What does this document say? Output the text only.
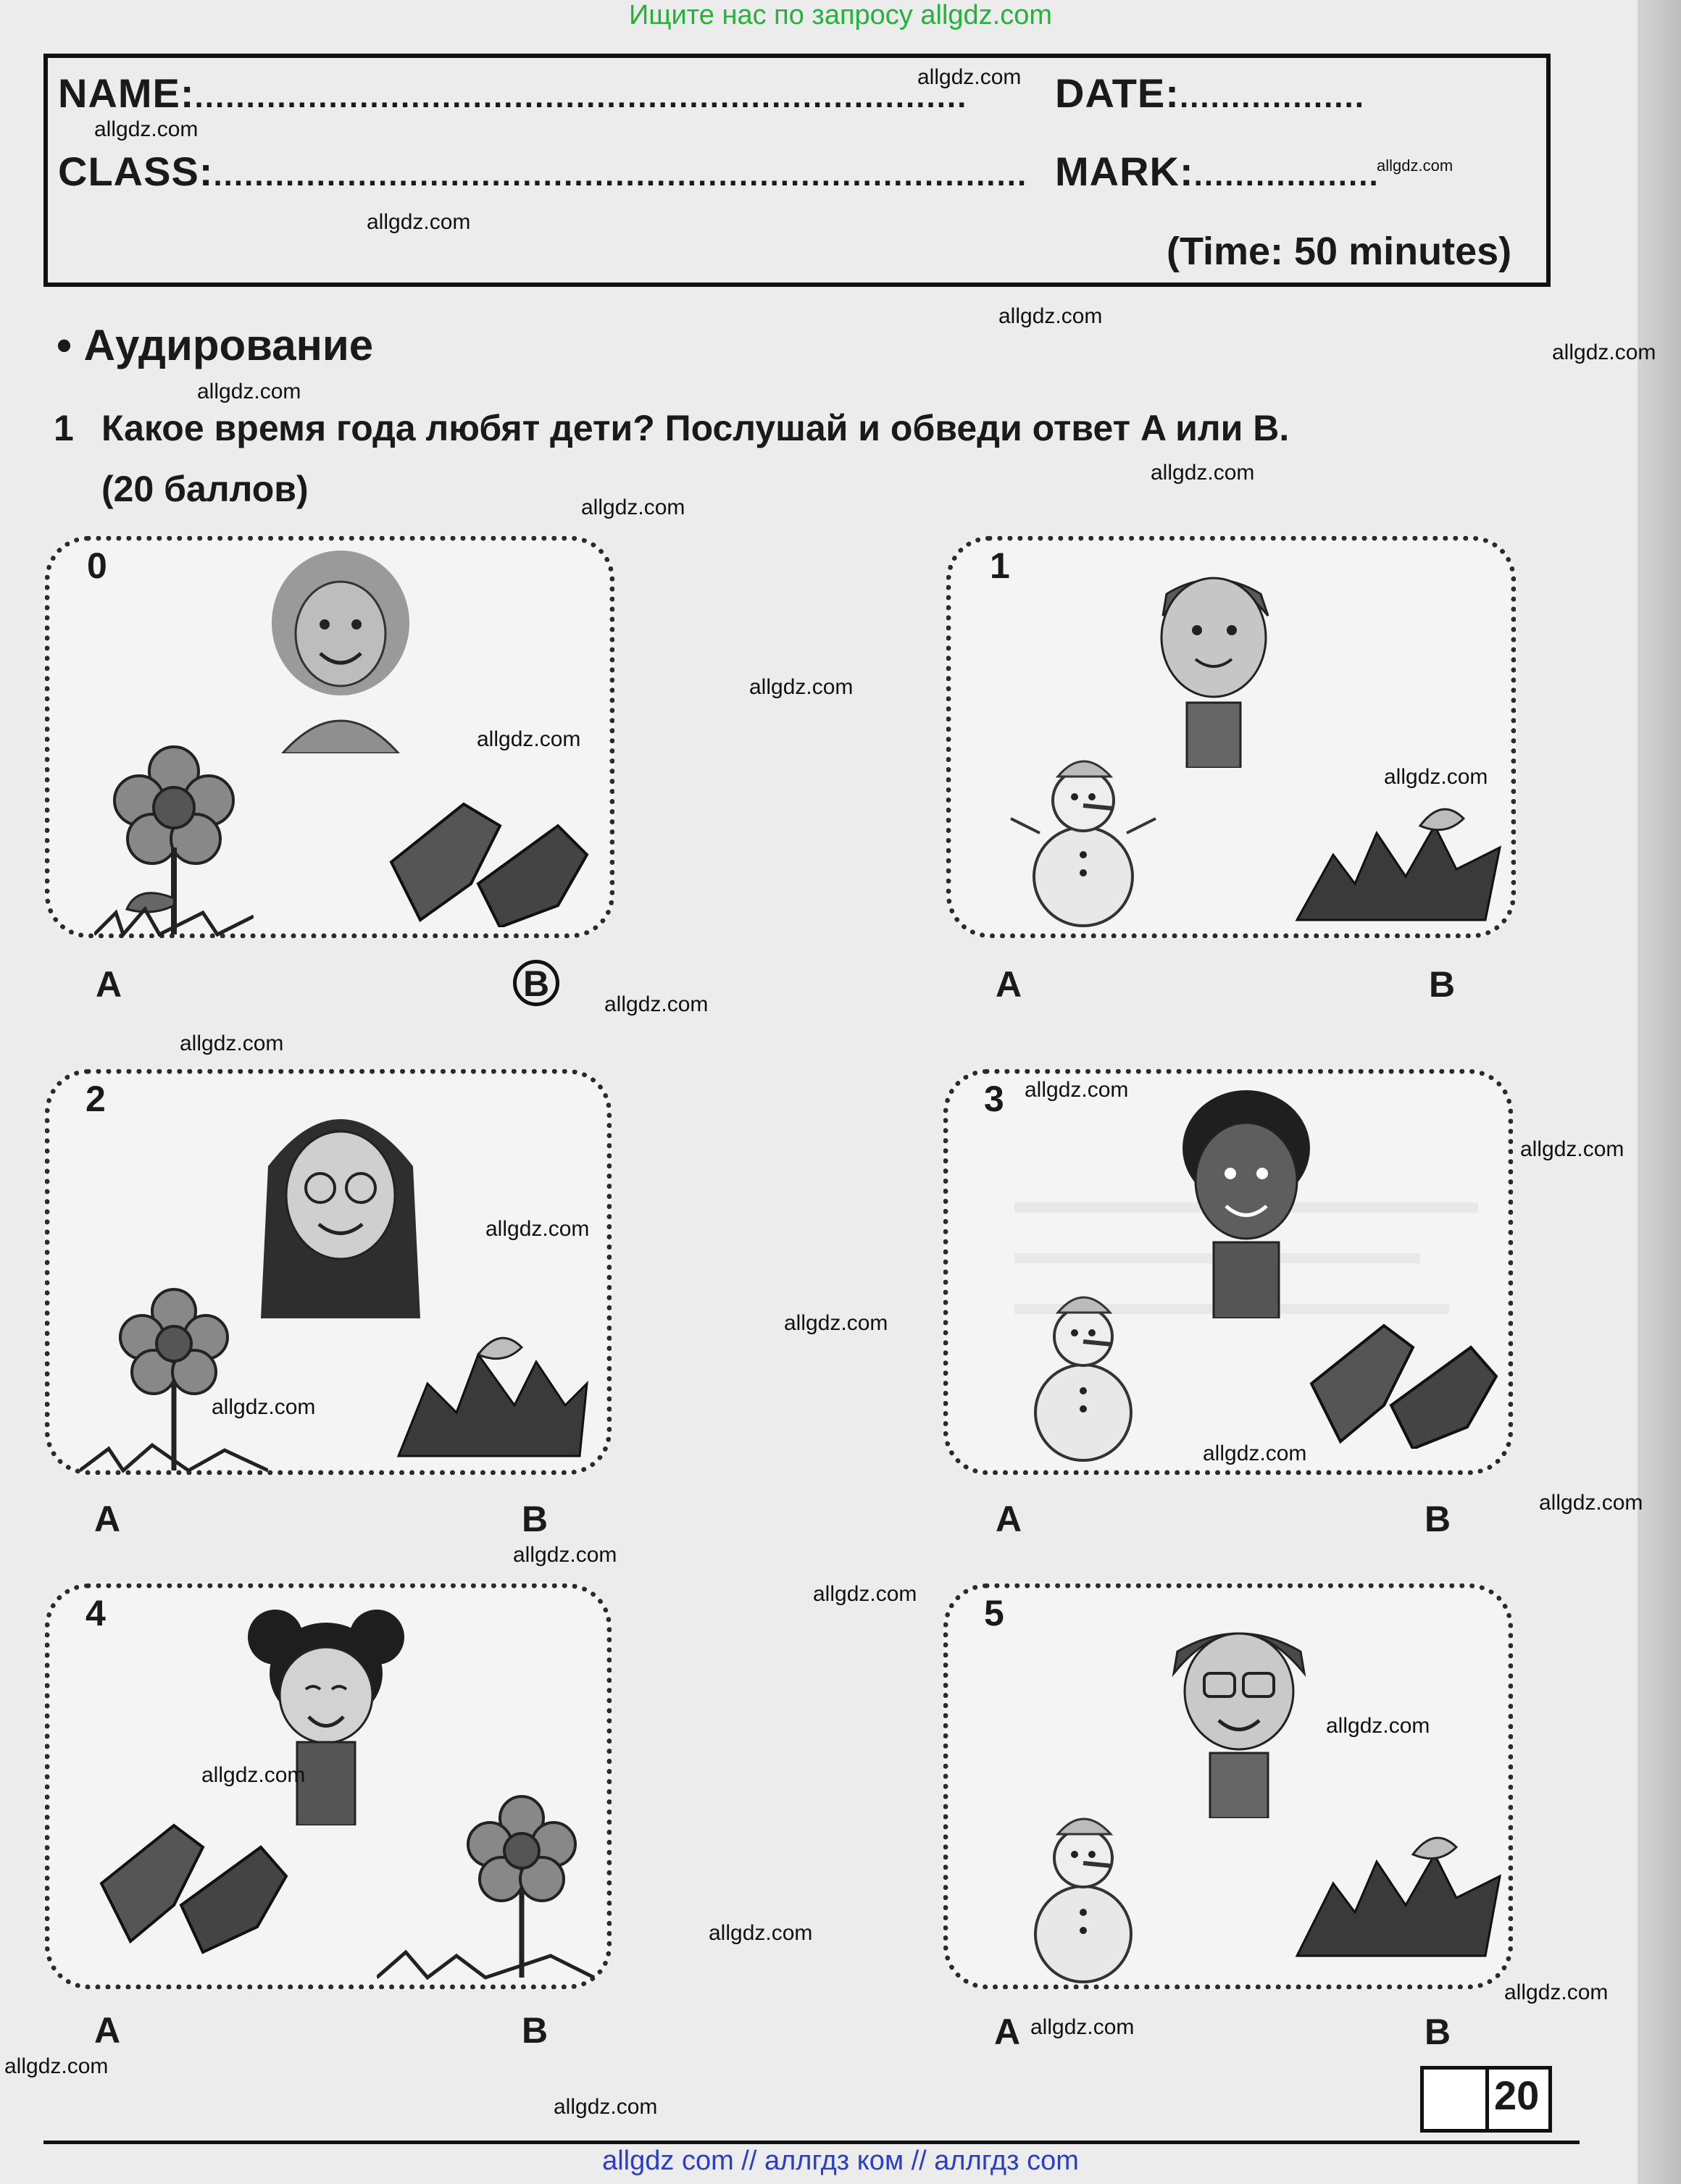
Ищите нас по запросу allgdz.com
NAME:........................................................................... DATE:..................
CLASS:............................................................................... MARK:..................
(Time: 50 minutes)
• Аудирование
1 Какое время года любят дети? Послушай и обведи ответ A или B.
(20 баллов)
0
A	B
1
A	B
2
A	B
3
A	B
4
A	B
5
A	B
20
allgdz com // аллгдз ком // аллгдз com
allgdz.com
allgdz.com
allgdz.com
allgdz.com
allgdz.com
allgdz.com
allgdz.com
allgdz.com
allgdz.com
allgdz.com
allgdz.com
allgdz.com
allgdz.com
allgdz.com
allgdz.com
allgdz.com
allgdz.com
allgdz.com
allgdz.com
allgdz.com
allgdz.com
allgdz.com
allgdz.com
allgdz.com
allgdz.com
allgdz.com
allgdz.com
allgdz.com
allgdz.com
allgdz.com
